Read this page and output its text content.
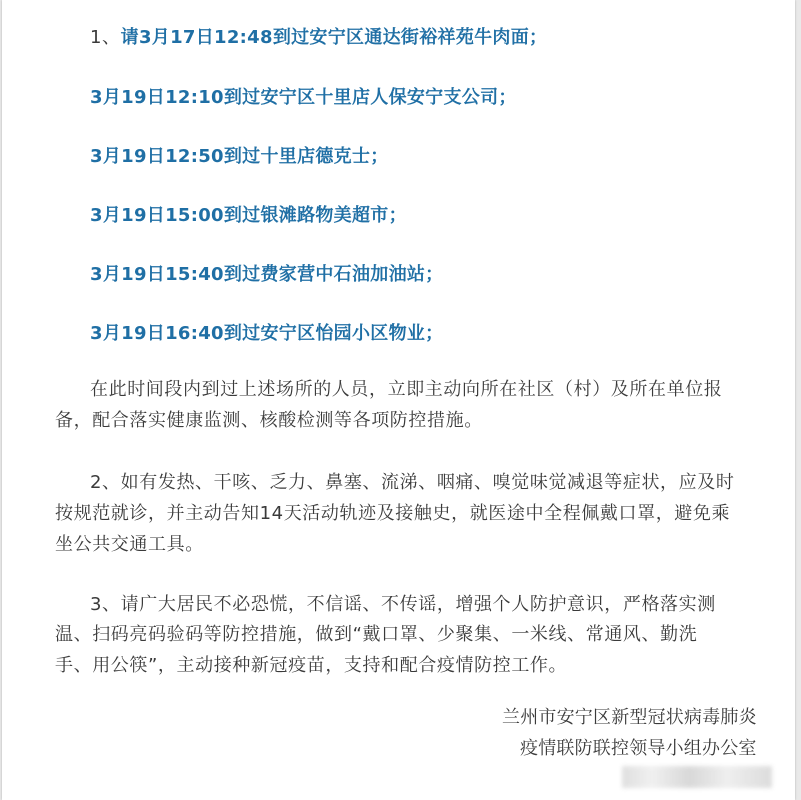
1、请3月17日12:48到过安宁区通达街裕祥苑牛肉面；
3月19日12:10到过安宁区十里店人保安宁支公司；
3月19日12:50到过十里店德克士；
3月19日15:00到过银滩路物美超市；
3月19日15:40到过费家营中石油加油站；
3月19日16:40到过安宁区怡园小区物业；
在此时间段内到过上述场所的人员，立即主动向所在社区（村）及所在单位报
备，配合落实健康监测、核酸检测等各项防控措施。
2、如有发热、干咳、乏力、鼻塞、流涕、咽痛、嗅觉味觉减退等症状，应及时
按规范就诊，并主动告知14天活动轨迹及接触史，就医途中全程佩戴口罩，避免乘
坐公共交通工具。
3、请广大居民不必恐慌，不信谣、不传谣，增强个人防护意识，严格落实测
温、扫码亮码验码等防控措施，做到“戴口罩、少聚集、一米线、常通风、勤洗
手、用公筷”，主动接种新冠疫苗，支持和配合疫情防控工作。
兰州市安宁区新型冠状病毒肺炎
疫情联防联控领导小组办公室
